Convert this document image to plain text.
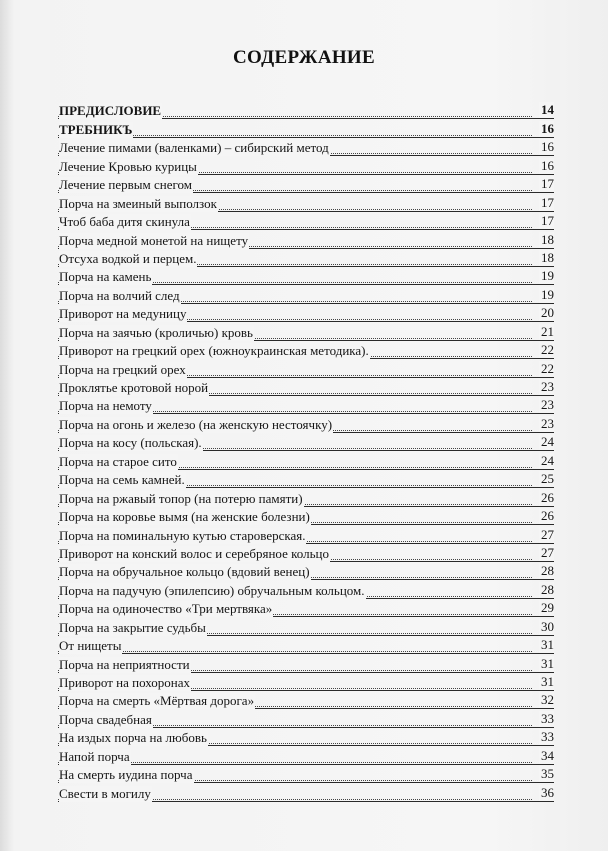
СОДЕРЖАНИЕ
ПРЕДИСЛОВИЕ	14
ТРЕБНИКЪ	16
Лечение пимами (валенками) – сибирский метод	16
Лечение Кровью курицы	16
Лечение первым снегом	17
Порча на змеиный выползок	17
Чтоб баба дитя скинула	17
Порча медной монетой на нищету	18
Отсуха водкой и перцем.	18
Порча на камень	19
Порча на волчий след	19
Приворот на медуницу	20
Порча на заячью (кроличью) кровь	21
Приворот на грецкий орех (южноукраинская методика).	22
Порча на грецкий орех	22
Проклятье кротовой норой	23
Порча на немоту	23
Порча на огонь и железо (на женскую нестоячку)	23
Порча на косу (польская).	24
Порча на старое сито	24
Порча на семь камней.	25
Порча на ржавый топор (на потерю памяти)	26
Порча на коровье вымя (на женские болезни)	26
Порча на поминальную кутью староверская.	27
Приворот на конский волос и серебряное кольцо	27
Порча на обручальное кольцо (вдовий венец)	28
Порча на падучую (эпилепсию) обручальным кольцом.	28
Порча на одиночество «Три мертвяка»	29
Порча на закрытие судьбы	30
От нищеты	31
Порча на неприятности	31
Приворот на похоронах	31
Порча на смерть «Мёртвая дорога»	32
Порча свадебная	33
На издых порча на любовь	33
Напой порча	34
На смерть иудина порча	35
Свести в могилу	36
